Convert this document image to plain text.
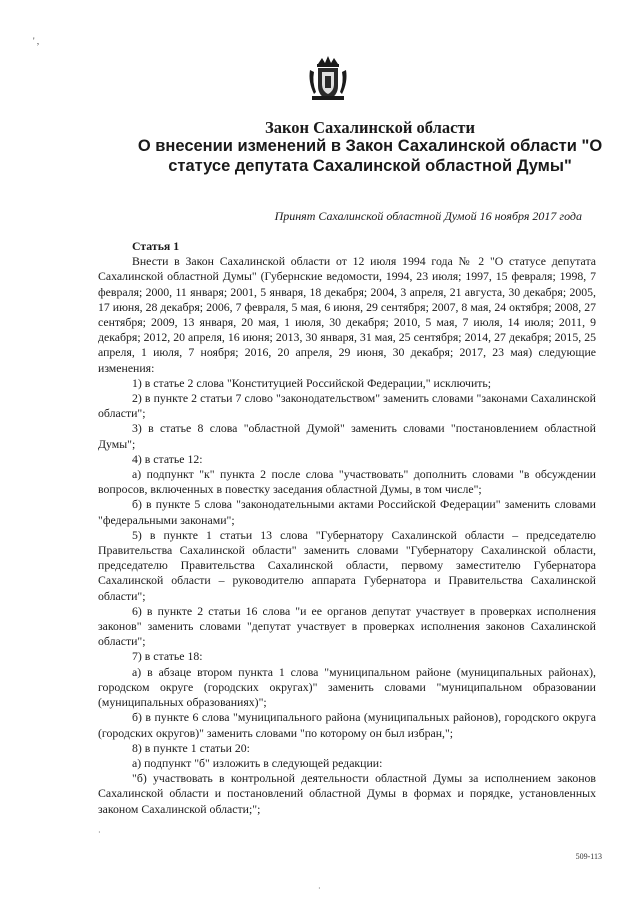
' ,
Закон Сахалинской области
О внесении изменений в Закон Сахалинской области "О статусе депутата Сахалинской областной Думы"
Принят Сахалинской областной Думой 16 ноября 2017 года

Статья 1

Внести в Закон Сахалинской области от 12 июля 1994 года № 2 "О статусе депутата Сахалинской областной Думы" (Губернские ведомости, 1994, 23 июля; 1997, 15 февраля; 1998, 7 февраля; 2000, 11 января; 2001, 5 января, 18 декабря; 2004, 3 апреля, 21 августа, 30 декабря; 2005, 17 июня, 28 декабря; 2006, 7 февраля, 5 мая, 6 июня, 29 сентября; 2007, 8 мая, 24 октября; 2008, 27 сентября; 2009, 13 января, 20 мая, 1 июля, 30 декабря; 2010, 5 мая, 7 июля, 14 июля; 2011, 9 декабря; 2012, 20 апреля, 16 июня; 2013, 30 января, 31 мая, 25 сентября; 2014, 27 декабря; 2015, 25 апреля, 1 июля, 7 ноября; 2016, 20 апреля, 29 июня, 30 декабря; 2017, 23 мая) следующие изменения:

1) в статье 2 слова "Конституцией Российской Федерации," исключить;

2) в пункте 2 статьи 7 слово "законодательством" заменить словами "законами Сахалинской области";

3) в статье 8 слова "областной Думой" заменить словами "постановлением областной Думы";

4) в статье 12:

а) подпункт "к" пункта 2 после слова "участвовать" дополнить словами "в обсуждении вопросов, включенных в повестку заседания областной Думы, в том числе";

б) в пункте 5 слова "законодательными актами Российской Федерации" заменить словами "федеральными законами";

5) в пункте 1 статьи 13 слова "Губернатору Сахалинской области – председателю Правительства Сахалинской области" заменить словами "Губернатору Сахалинской области, председателю Правительства Сахалинской области, первому заместителю Губернатора Сахалинской области – руководителю аппарата Губернатора и Правительства Сахалинской области";

6) в пункте 2 статьи 16 слова "и ее органов депутат участвует в проверках исполнения законов" заменить словами "депутат участвует в проверках исполнения законов Сахалинской области";

7) в статье 18:

а) в абзаце втором пункта 1 слова "муниципальном районе (муниципальных районах), городском округе (городских округах)" заменить словами "муниципальном образовании (муниципальных образованиях)";

б) в пункте 6 слова "муниципального района (муниципальных районов), городского округа (городских округов)" заменить словами "по которому он был избран,";

8) в пункте 1 статьи 20:

а) подпункт "б" изложить в следующей редакции:

"б) участвовать в контрольной деятельности областной Думы за исполнением законов Сахалинской области и постановлений областной Думы в формах и порядке, установленных законом Сахалинской области;";

·
·
509-113
